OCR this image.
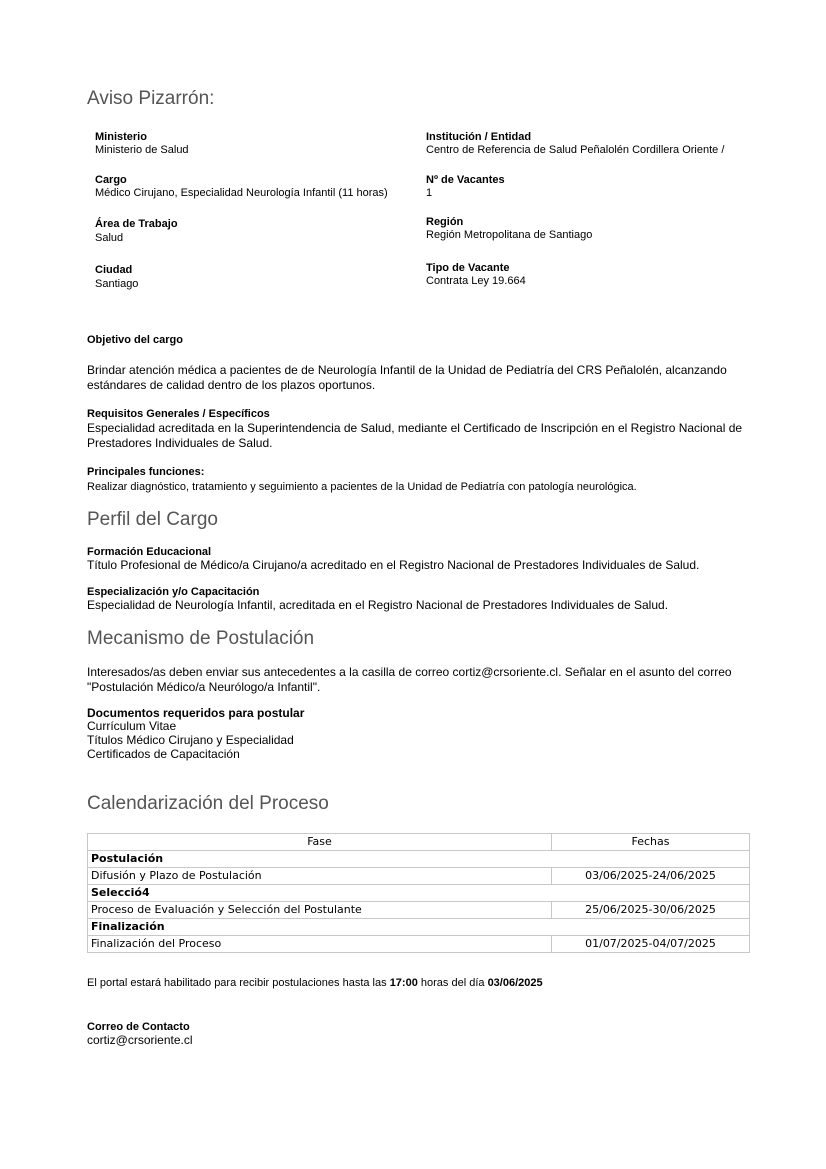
Aviso Pizarrón:
Ministerio
Ministerio de Salud
Institución / Entidad
Centro de Referencia de Salud Peñalolén Cordillera Oriente /
Cargo
Médico Cirujano, Especialidad Neurología Infantil (11 horas)
Nº de Vacantes
1
Área de Trabajo
Salud
Región
Región Metropolitana de Santiago
Ciudad
Santiago
Tipo de Vacante
Contrata Ley 19.664
Objetivo del cargo
Brindar atención médica a pacientes de de Neurología Infantil de la Unidad de Pediatría del CRS Peñalolén, alcanzando estándares de calidad dentro de los plazos oportunos.
Requisitos Generales / Específicos
Especialidad acreditada en la Superintendencia de Salud, mediante el Certificado de Inscripción en el Registro Nacional de Prestadores Individuales de Salud.
Principales funciones:
Realizar diagnóstico, tratamiento y seguimiento a pacientes de la Unidad de Pediatría con patología neurológica.
Perfil del Cargo
Formación Educacional
Título Profesional de Médico/a Cirujano/a acreditado en el Registro Nacional de Prestadores Individuales de Salud.
Especialización y/o Capacitación
Especialidad de Neurología Infantil, acreditada en el Registro Nacional de Prestadores Individuales de Salud.
Mecanismo de Postulación
Interesados/as deben enviar sus antecedentes a la casilla de correo cortiz@crsoriente.cl. Señalar en el asunto del correo "Postulación Médico/a Neurólogo/a Infantil".
Documentos requeridos para postular
Currículum Vitae
Títulos Médico Cirujano y Especialidad
Certificados de Capacitación
Calendarización del Proceso
Fase	Fechas
Postulación	
Difusión y Plazo de Postulación	03/06/2025-24/06/2025
Selecció4	
Proceso de Evaluación y Selección del Postulante	25/06/2025-30/06/2025
Finalización	
Finalización del Proceso	01/07/2025-04/07/2025
El portal estará habilitado para recibir postulaciones hasta las 17:00 horas del día 03/06/2025
Correo de Contacto
cortiz@crsoriente.cl
